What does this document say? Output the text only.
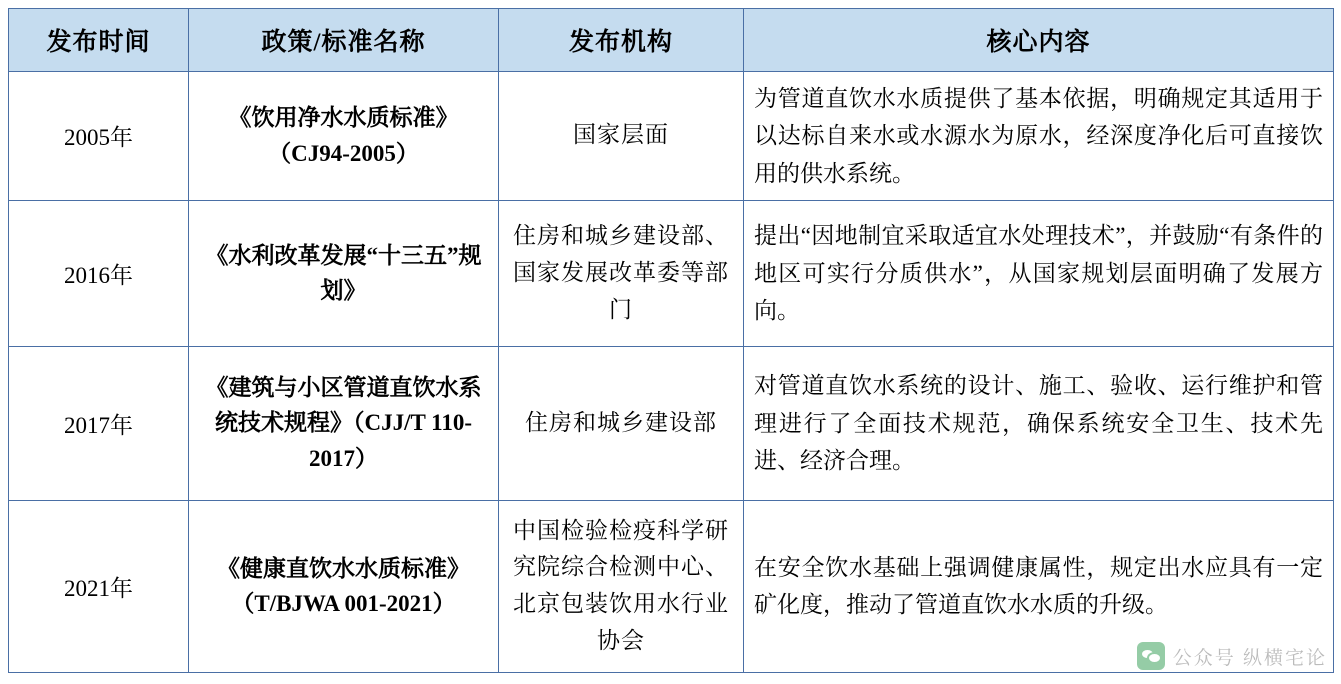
发布时间	政策/标准名称	发布机构	核心内容
2005年	《饮用净水水质标准》（CJ94-2005）	国家层面	为管道直饮水水质提供了基本依据，明确规定其适用于以达标自来水或水源水为原水，经深度净化后可直接饮用的供水系统。
2016年	《水利改革发展“十三五”规划》	住房和城乡建设部、国家发展改革委等部门	提出“因地制宜采取适宜水处理技术”，并鼓励“有条件的地区可实行分质供水”，从国家规划层面明确了发展方向。
2017年	《建筑与小区管道直饮水系统技术规程》（CJJ/T 110-2017）	住房和城乡建设部	对管道直饮水系统的设计、施工、验收、运行维护和管理进行了全面技术规范，确保系统安全卫生、技术先进、经济合理。
2021年	《健康直饮水水质标准》（T/BJWA 001-2021）	中国检验检疫科学研究院综合检测中心、北京包装饮用水行业协会	在安全饮水基础上强调健康属性，规定出水应具有一定矿化度，推动了管道直饮水水质的升级。
公众号 纵横宅论
